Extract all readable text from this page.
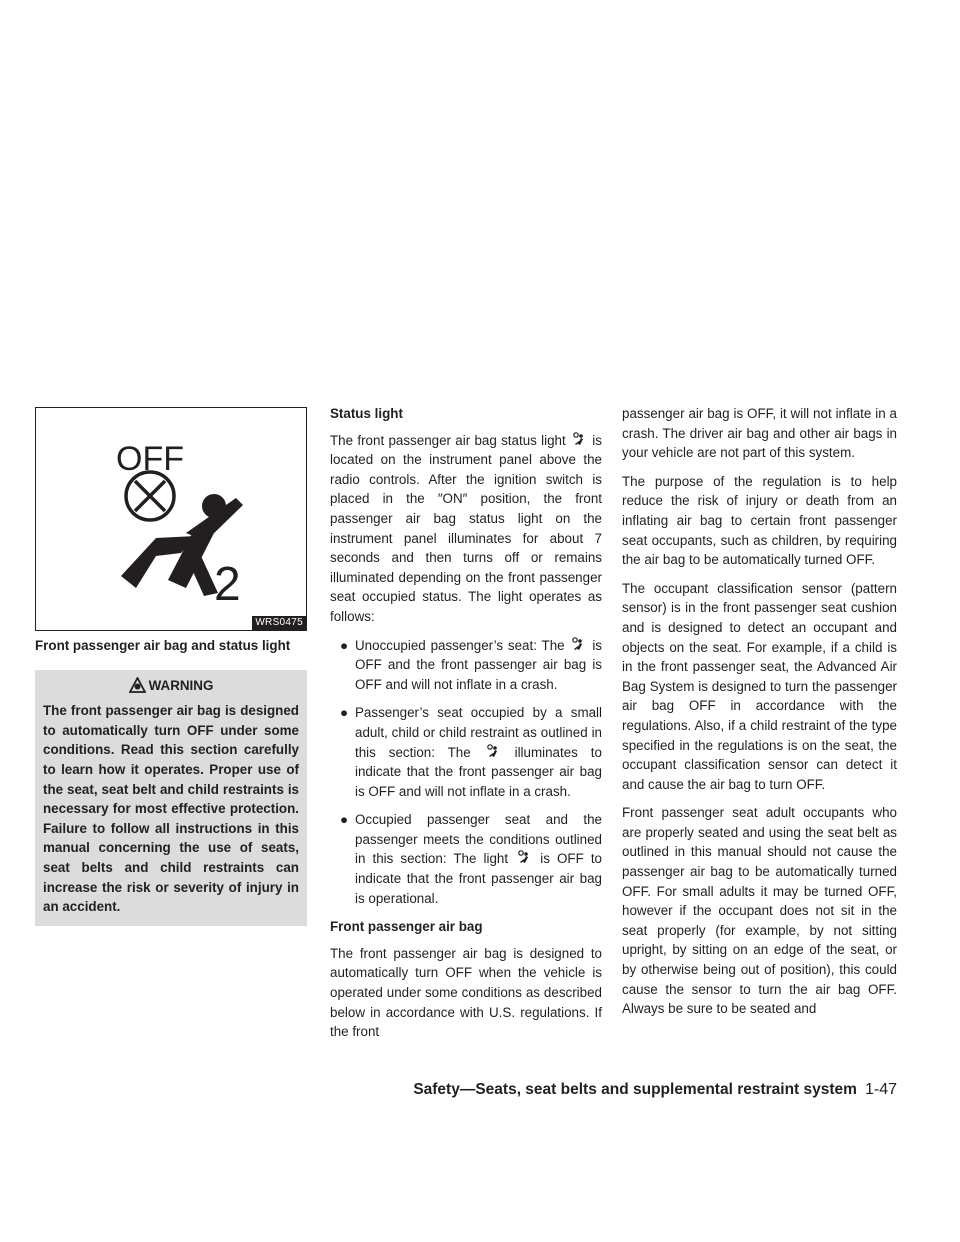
OFF
2
WRS0475
Front passenger air bag and status light
WARNING
The front passenger air bag is designed to automatically turn OFF under some conditions. Read this section carefully to learn how it operates. Proper use of the seat, seat belt and child restraints is necessary for most effective protection. Failure to follow all instructions in this manual concerning the use of seats, seat belts and child restraints can increase the risk or severity of injury in an accident.
Status light

The front passenger air bag status light is located on the instrument panel above the radio controls. After the ignition switch is placed in the ″ON″ position, the front passenger air bag status light on the instrument panel illuminates for about 7 seconds and then turns off or remains illuminated depending on the front passenger seat occupied status. The light operates as follows:

● Unoccupied passenger’s seat: The is OFF and the front passenger air bag is OFF and will not inflate in a crash.
● Passenger’s seat occupied by a small adult, child or child restraint as outlined in this section: The	illuminates to indicate that the front passenger air bag is OFF and will not inflate in a crash.
● Occupied passenger seat and the passenger meets the conditions outlined in this section: The light is OFF to indicate that the front passenger air bag is operational.
Front passenger air bag

The front passenger air bag is designed to automatically turn OFF when the vehicle is operated under some conditions as described below in accordance with U.S. regulations. If the front

passenger air bag is OFF, it will not inflate in a crash. The driver air bag and other air bags in your vehicle are not part of this system.

The purpose of the regulation is to help reduce the risk of injury or death from an inflating air bag to certain front passenger seat occupants, such as children, by requiring the air bag to be automatically turned OFF.

The occupant classification sensor (pattern sensor) is in the front passenger seat cushion and is designed to detect an occupant and objects on the seat. For example, if a child is in the front passenger seat, the Advanced Air Bag System is designed to turn the passenger air bag OFF in accordance with the regulations. Also, if a child restraint of the type specified in the regulations is on the seat, the occupant classification sensor can detect it and cause the air bag to turn OFF.

Front passenger seat adult occupants who are properly seated and using the seat belt as outlined in this manual should not cause the passenger air bag to be automatically turned OFF. For small adults it may be turned OFF, however if the occupant does not sit in the seat properly (for example, by not sitting upright, by sitting on an edge of the seat, or by otherwise being out of position), this could cause the sensor to turn the air bag OFF. Always be sure to be seated and

Safety—Seats, seat belts and supplemental restraint system 1-47
